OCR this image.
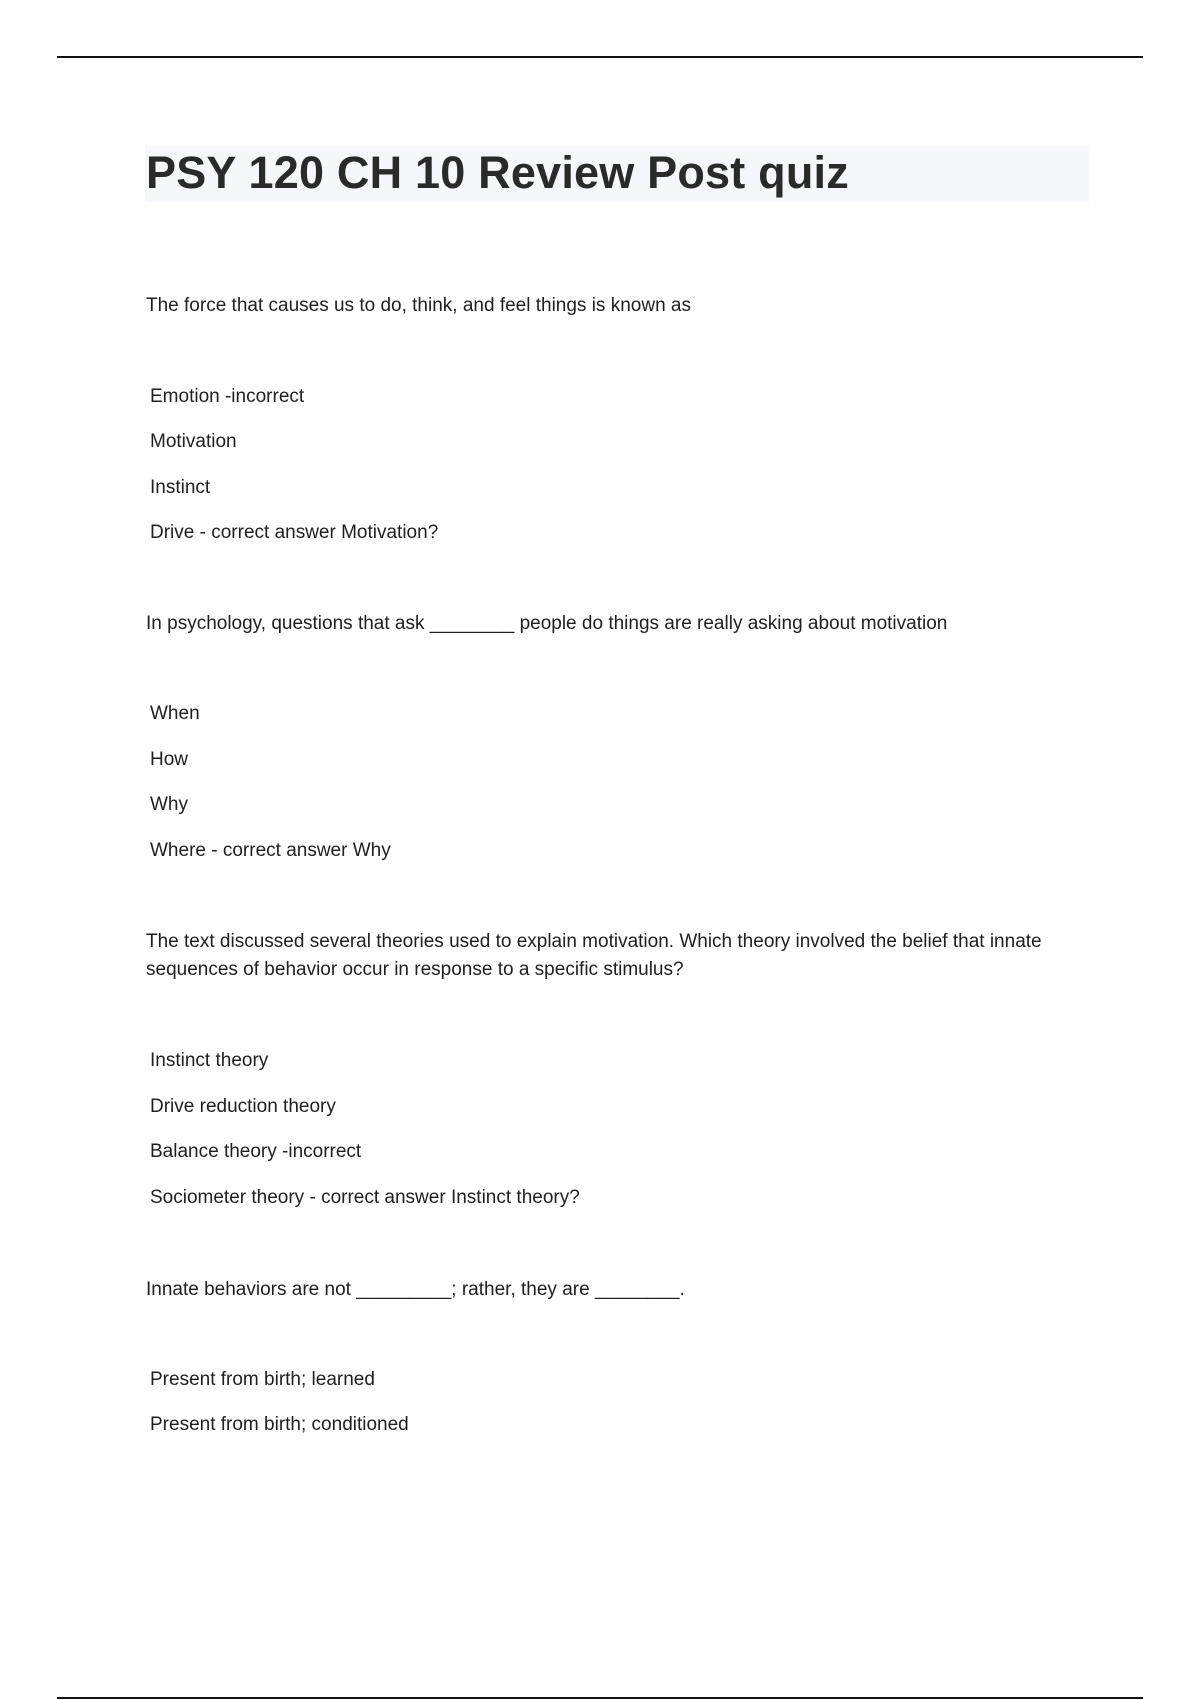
PSY 120 CH 10 Review Post quiz

The force that causes us to do, think, and feel things is known as

Emotion -incorrect

Motivation

Instinct

Drive - correct answer Motivation?

In psychology, questions that ask ________ people do things are really asking about motivation

When

How

Why

Where - correct answer Why

The text discussed several theories used to explain motivation. Which theory involved the belief that innate sequences of behavior occur in response to a specific stimulus?

Instinct theory

Drive reduction theory

Balance theory -incorrect

Sociometer theory - correct answer Instinct theory?

Innate behaviors are not _________; rather, they are ________.

Present from birth; learned

Present from birth; conditioned
